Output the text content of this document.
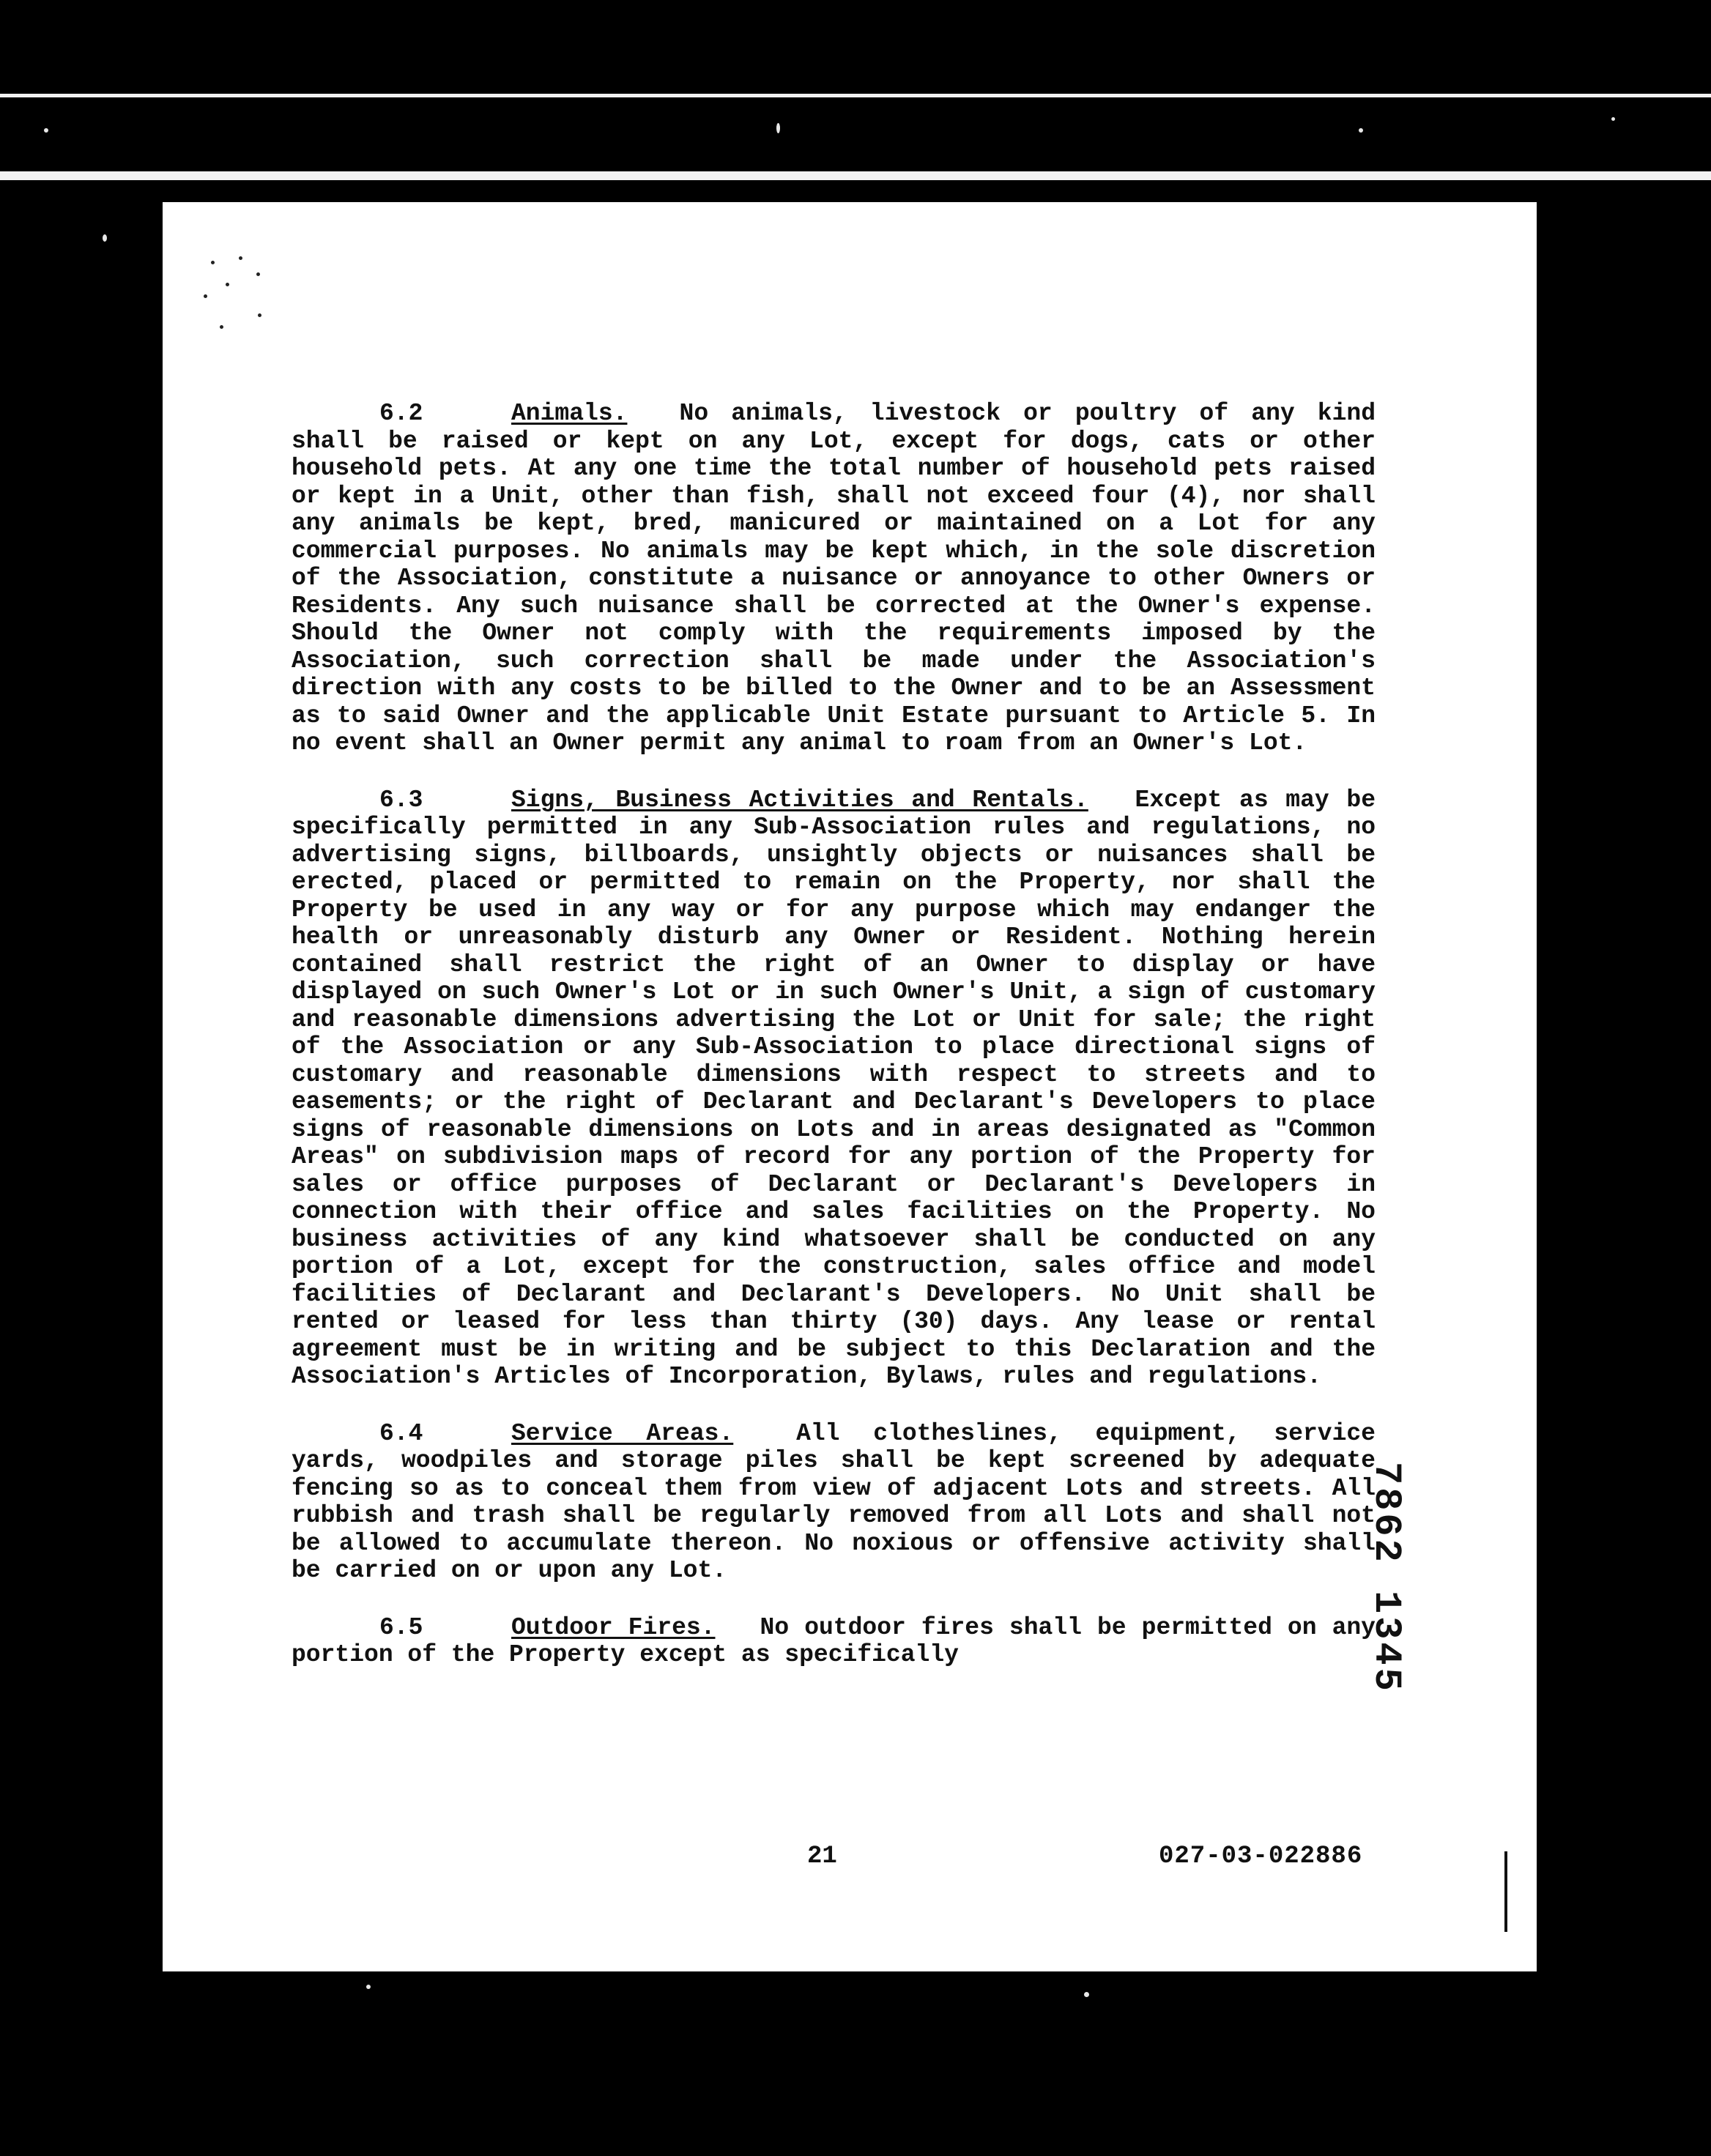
6.2	Animals. No animals, livestock or poultry of any kind shall be raised or kept on any Lot, except for dogs, cats or other household pets. At any one time the total number of household pets raised or kept in a Unit, other than fish, shall not exceed four (4), nor shall any animals be kept, bred, manicured or maintained on a Lot for any commercial purposes. No animals may be kept which, in the sole discretion of the Association, constitute a nuisance or annoyance to other Owners or Residents. Any such nuisance shall be corrected at the Owner's expense. Should the Owner not comply with the requirements imposed by the Association, such correction shall be made under the Association's direction with any costs to be billed to the Owner and to be an Assessment as to said Owner and the applicable Unit Estate pursuant to Article 5. In no event shall an Owner permit any animal to roam from an Owner's Lot.

6.3	Signs, Business Activities and Rentals. Except as may be specifically permitted in any Sub-Association rules and regulations, no advertising signs, billboards, unsightly objects or nuisances shall be erected, placed or permitted to remain on the Property, nor shall the Property be used in any way or for any purpose which may endanger the health or unreasonably disturb any Owner or Resident. Nothing herein contained shall restrict the right of an Owner to display or have displayed on such Owner's Lot or in such Owner's Unit, a sign of customary and reasonable dimensions advertising the Lot or Unit for sale; the right of the Association or any Sub-Association to place directional signs of customary and reasonable dimensions with respect to streets and to easements; or the right of Declarant and Declarant's Developers to place signs of reasonable dimensions on Lots and in areas designated as "Common Areas" on subdivision maps of record for any portion of the Property for sales or office purposes of Declarant or Declarant's Developers in connection with their office and sales facilities on the Property. No business activities of any kind whatsoever shall be conducted on any portion of a Lot, except for the construction, sales office and model facilities of Declarant and Declarant's Developers. No Unit shall be rented or leased for less than thirty (30) days. Any lease or rental agreement must be in writing and be subject to this Declaration and the Association's Articles of Incorporation, Bylaws, rules and regulations.

6.4	Service Areas.	All clotheslines, equipment, service yards, woodpiles and storage piles shall be kept screened by adequate fencing so as to conceal them from view of adjacent Lots and streets. All rubbish and trash shall be regularly removed from all Lots and shall not be allowed to accumulate thereon. No noxious or offensive activity shall be carried on or upon any Lot.

6.5	Outdoor Fires. No outdoor fires shall be permitted on any portion of the Property except as specifically

21	027-03-022886
7862 1345
